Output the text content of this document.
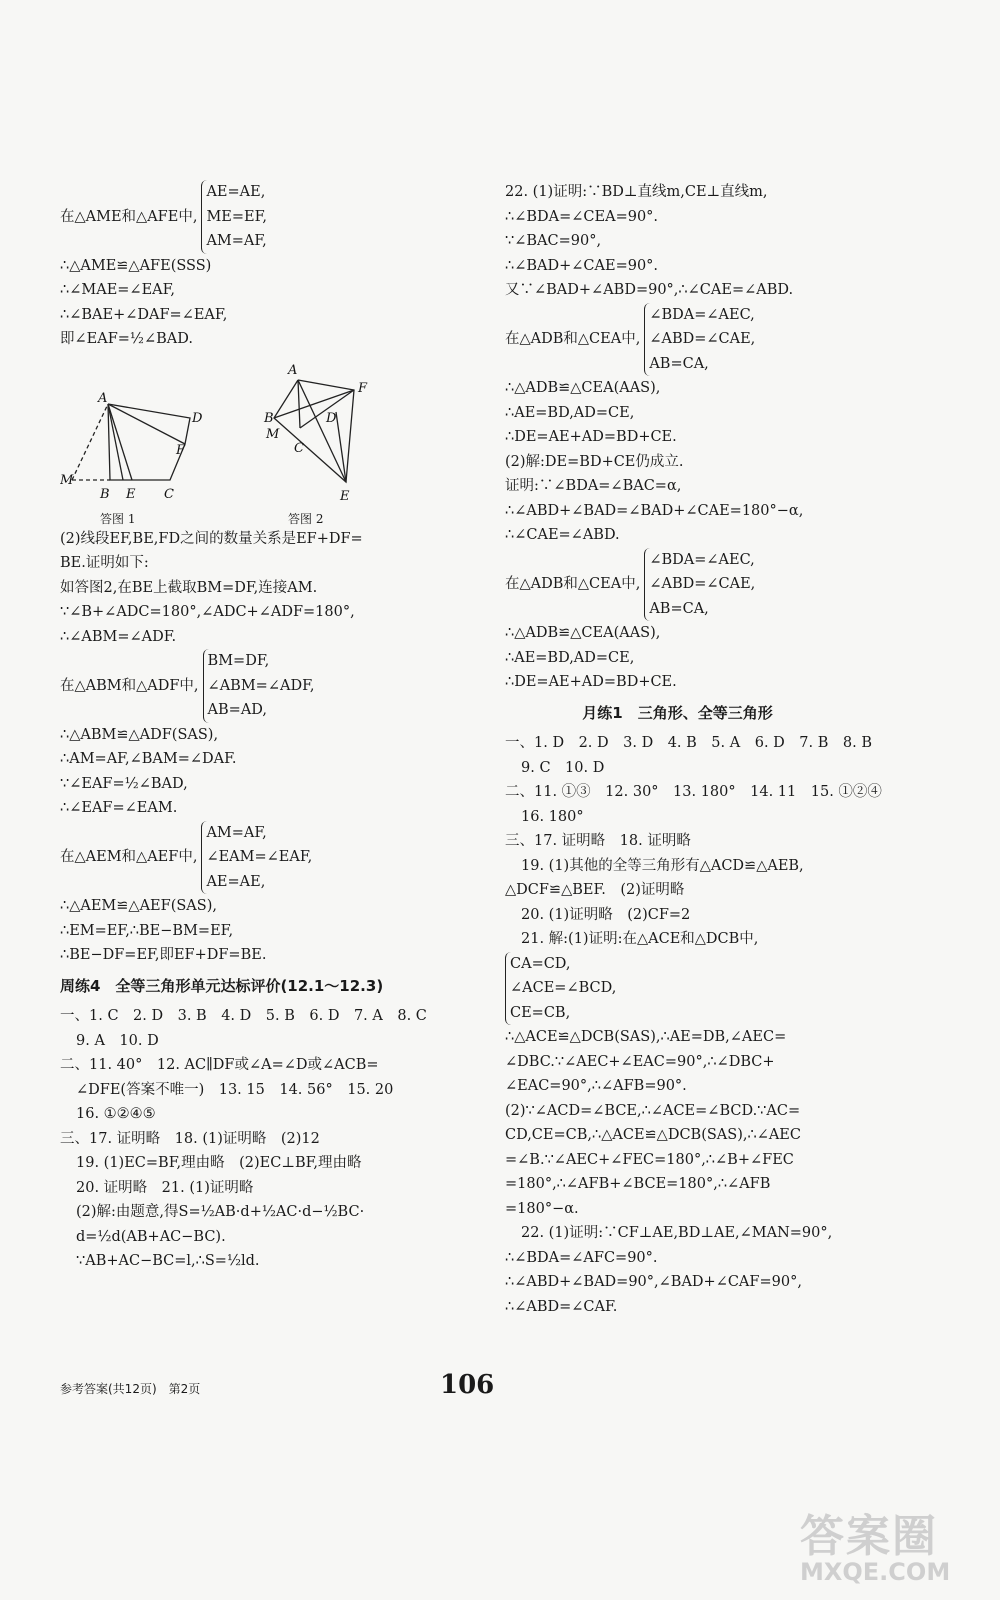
在△AME和△AFE中,
AE=AE,
ME=EF,
AM=AF,
∴△AME≌△AFE(SSS)
∴∠MAE=∠EAF,
∴∠BAE+∠DAF=∠EAF,
即∠EAF=½∠BAD.
A
D
F
M
B E C
A
F
D
B
M
C
E
答图 1	答图 2
(2)线段EF,BE,FD之间的数量关系是EF+DF=
BE.证明如下:
如答图2,在BE上截取BM=DF,连接AM.
∵∠B+∠ADC=180°,∠ADC+∠ADF=180°,
∴∠ABM=∠ADF.
在△ABM和△ADF中,
BM=DF,
∠ABM=∠ADF,
AB=AD,
∴△ABM≌△ADF(SAS),
∴AM=AF,∠BAM=∠DAF.
∵∠EAF=½∠BAD,
∴∠EAF=∠EAM.
在△AEM和△AEF中,
AM=AF,
∠EAM=∠EAF,
AE=AE,
∴△AEM≌△AEF(SAS),
∴EM=EF,∴BE−BM=EF,
∴BE−DF=EF,即EF+DF=BE.
周练4　全等三角形单元达标评价(12.1～12.3)
一、1. C　2. D　3. B　4. D　5. B　6. D　7. A　8. C
9. A　10. D
二、11. 40°　12. AC∥DF或∠A=∠D或∠ACB=
∠DFE(答案不唯一)　13. 15　14. 56°　15. 20
16. ①②④⑤
三、17. 证明略　18. (1)证明略　(2)12
19. (1)EC=BF,理由略　(2)EC⊥BF,理由略
20. 证明略　21. (1)证明略
(2)解:由题意,得S=½AB·d+½AC·d−½BC·
d=½d(AB+AC−BC).
∵AB+AC−BC=l,∴S=½ld.
22. (1)证明:∵BD⊥直线m,CE⊥直线m,
∴∠BDA=∠CEA=90°.
∵∠BAC=90°,
∴∠BAD+∠CAE=90°.
又∵∠BAD+∠ABD=90°,∴∠CAE=∠ABD.
在△ADB和△CEA中,
∠BDA=∠AEC,
∠ABD=∠CAE,
AB=CA,
∴△ADB≌△CEA(AAS),
∴AE=BD,AD=CE,
∴DE=AE+AD=BD+CE.
(2)解:DE=BD+CE仍成立.
证明:∵∠BDA=∠BAC=α,
∴∠ABD+∠BAD=∠BAD+∠CAE=180°−α,
∴∠CAE=∠ABD.
在△ADB和△CEA中,
∠BDA=∠AEC,
∠ABD=∠CAE,
AB=CA,
∴△ADB≌△CEA(AAS),
∴AE=BD,AD=CE,
∴DE=AE+AD=BD+CE.
月练1　三角形、全等三角形
一、1. D　2. D　3. D　4. B　5. A　6. D　7. B　8. B
9. C　10. D
二、11. ①③　12. 30°　13. 180°　14. 11　15. ①②④
16. 180°
三、17. 证明略　18. 证明略
19. (1)其他的全等三角形有△ACD≌△AEB,
△DCF≌△BEF.　(2)证明略
20. (1)证明略　(2)CF=2
21. 解:(1)证明:在△ACE和△DCB中,
CA=CD,
∠ACE=∠BCD,
CE=CB,
∴△ACE≌△DCB(SAS),∴AE=DB,∠AEC=
∠DBC.∵∠AEC+∠EAC=90°,∴∠DBC+
∠EAC=90°,∴∠AFB=90°.
(2)∵∠ACD=∠BCE,∴∠ACE=∠BCD.∵AC=
CD,CE=CB,∴△ACE≌△DCB(SAS),∴∠AEC
=∠B.∵∠AEC+∠FEC=180°,∴∠B+∠FEC
=180°,∴∠AFB+∠BCE=180°,∴∠AFB
=180°−α.
22. (1)证明:∵CF⊥AE,BD⊥AE,∠MAN=90°,
∴∠BDA=∠AFC=90°.
∴∠ABD+∠BAD=90°,∠BAD+∠CAF=90°,
∴∠ABD=∠CAF.
参考答案(共12页)　第2页	106
答案圈
MXQE.COM
